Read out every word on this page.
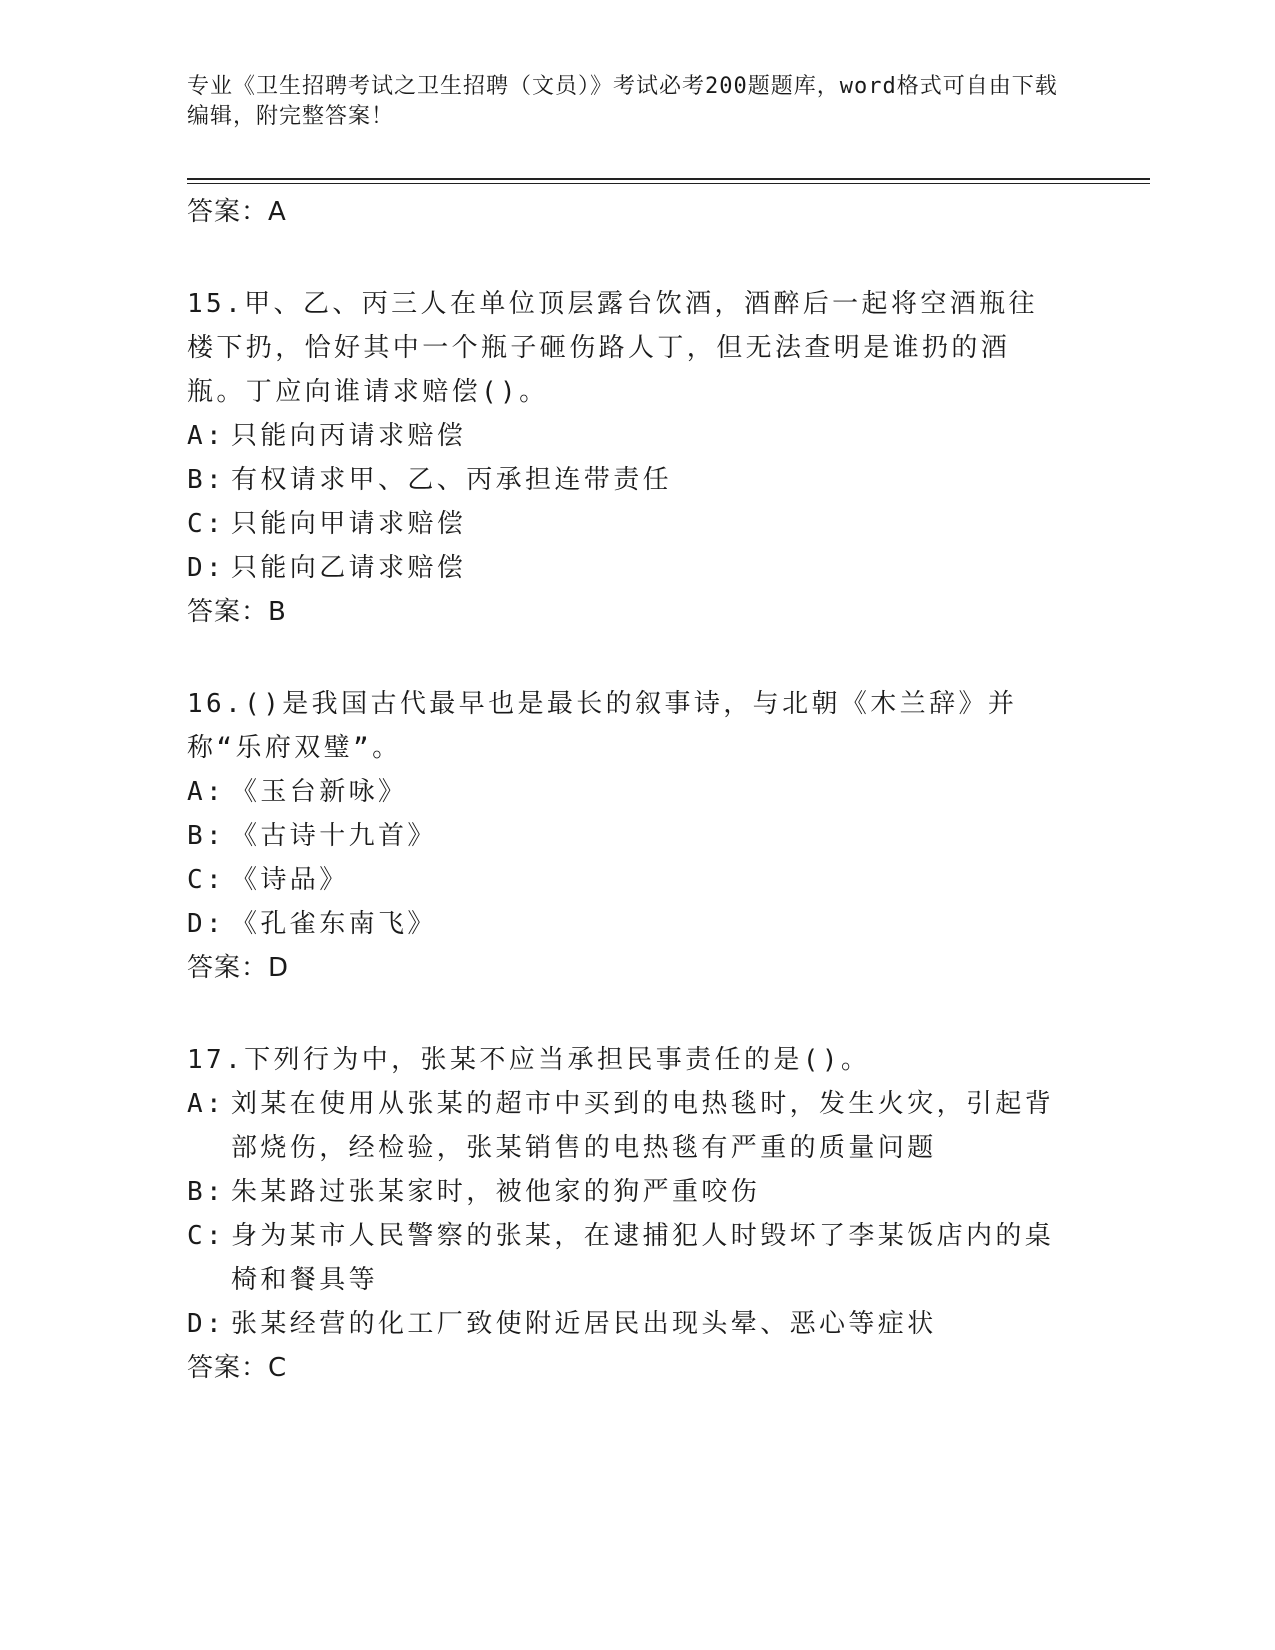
专业《卫生招聘考试之卫生招聘（文员）》考试必考200题题库，word格式可自由下载编辑，附完整答案！
答案：A
15.甲、乙、丙三人在单位顶层露台饮酒，酒醉后一起将空酒瓶往楼下扔，恰好其中一个瓶子砸伤路人丁，但无法查明是谁扔的酒瓶。丁应向谁请求赔偿()。
A: 只能向丙请求赔偿
B: 有权请求甲、乙、丙承担连带责任
C: 只能向甲请求赔偿
D: 只能向乙请求赔偿
答案：B
16.()是我国古代最早也是最长的叙事诗，与北朝《木兰辞》并称“乐府双璧”。
A: 《玉台新咏》
B: 《古诗十九首》
C: 《诗品》
D: 《孔雀东南飞》
答案：D
17.下列行为中，张某不应当承担民事责任的是()。
A: 刘某在使用从张某的超市中买到的电热毯时，发生火灾，引起背部烧伤，经检验，张某销售的电热毯有严重的质量问题
B: 朱某路过张某家时，被他家的狗严重咬伤
C: 身为某市人民警察的张某，在逮捕犯人时毁坏了李某饭店内的桌椅和餐具等
D: 张某经营的化工厂致使附近居民出现头晕、恶心等症状
答案：C
